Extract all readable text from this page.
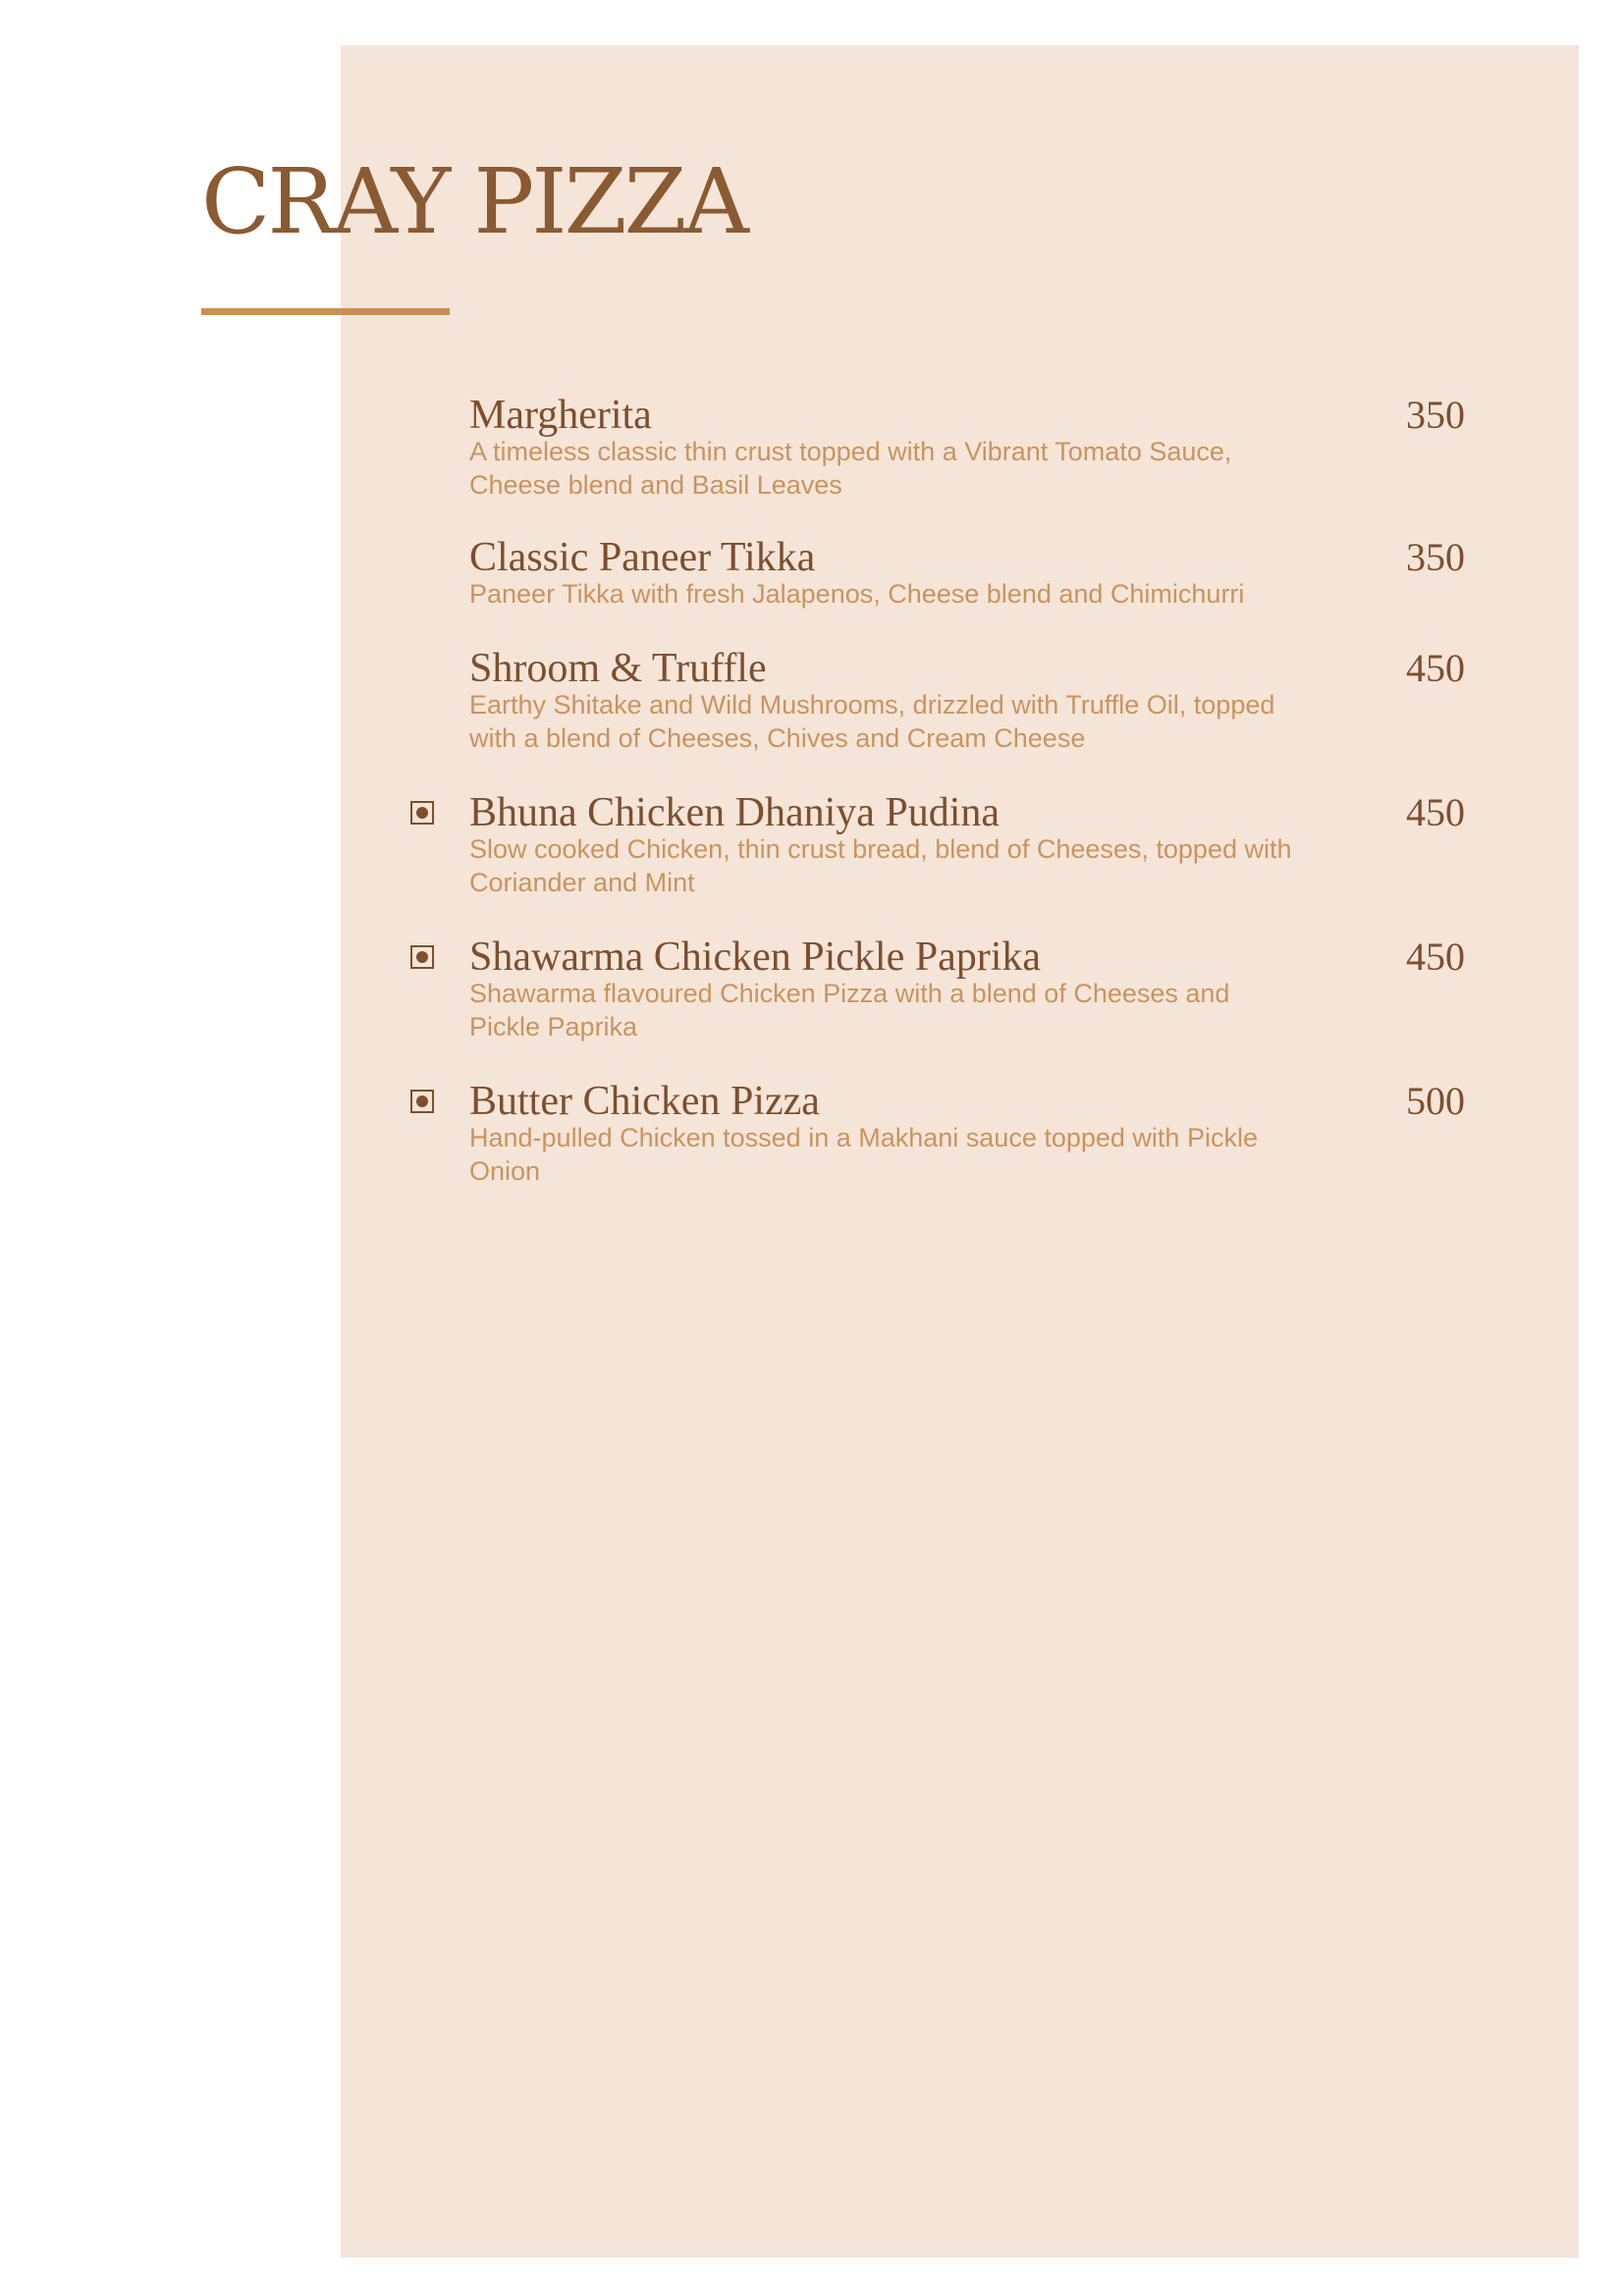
CRAY PIZZA
Margherita	350
A timeless classic thin crust topped with a Vibrant Tomato Sauce, Cheese blend and Basil Leaves
Classic Paneer Tikka	350
Paneer Tikka with fresh Jalapenos, Cheese blend and Chimichurri
Shroom & Truffle	450
Earthy Shitake and Wild Mushrooms, drizzled with Truffle Oil, topped with a blend of Cheeses, Chives and Cream Cheese
Bhuna Chicken Dhaniya Pudina	450
Slow cooked Chicken, thin crust bread, blend of Cheeses, topped with Coriander and Mint
Shawarma Chicken Pickle Paprika	450
Shawarma flavoured Chicken Pizza with a blend of Cheeses and Pickle Paprika
Butter Chicken Pizza	500
Hand-pulled Chicken tossed in a Makhani sauce topped with Pickle Onion
